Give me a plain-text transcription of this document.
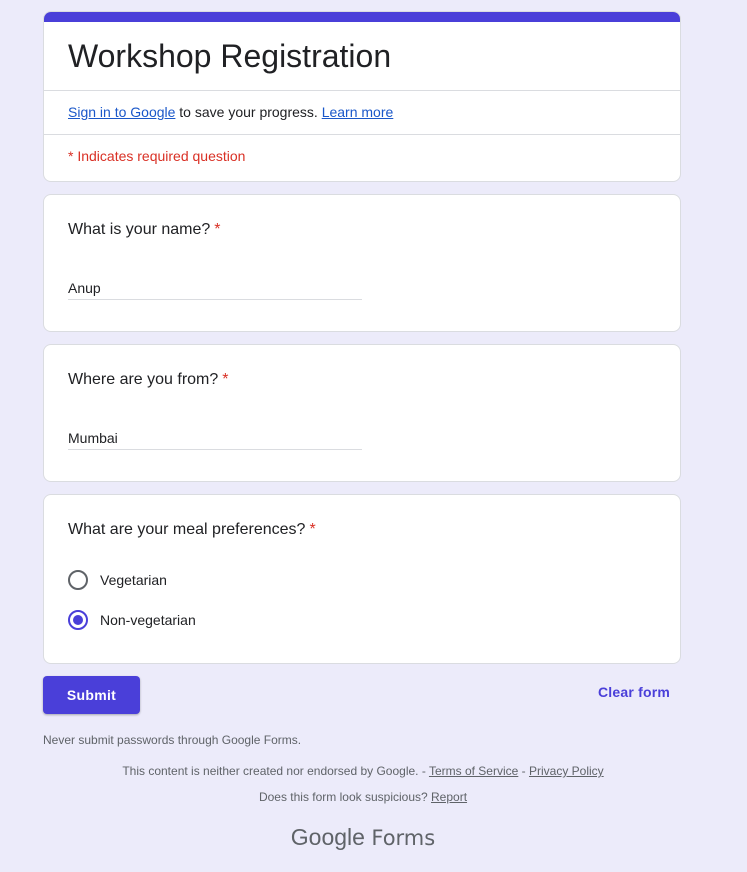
Workshop Registration
Sign in to Google to save your progress. Learn more
* Indicates required question
What is your name? *
Anup
Where are you from? *
Mumbai
What are your meal preferences? *
Vegetarian
Non-vegetarian
Submit	Clear form
Never submit passwords through Google Forms.
This content is neither created nor endorsed by Google. - Terms of Service - Privacy Policy
Does this form look suspicious? Report
Google Forms
